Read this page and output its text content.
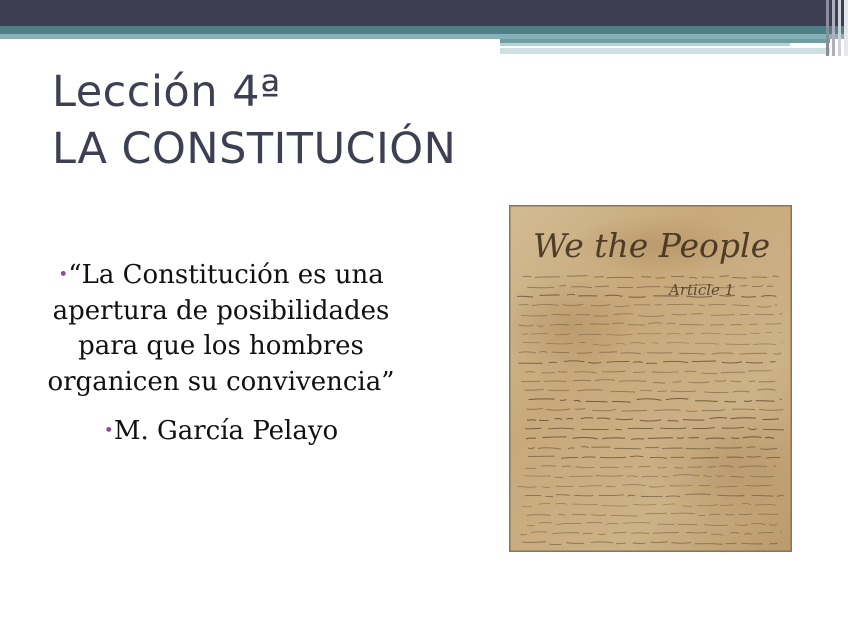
Lección 4ª
LA CONSTITUCIÓN
•“La Constitución es una apertura de posibilidades para que los hombres organicen su convivencia”
•M. García Pelayo
We the People
Article 1
